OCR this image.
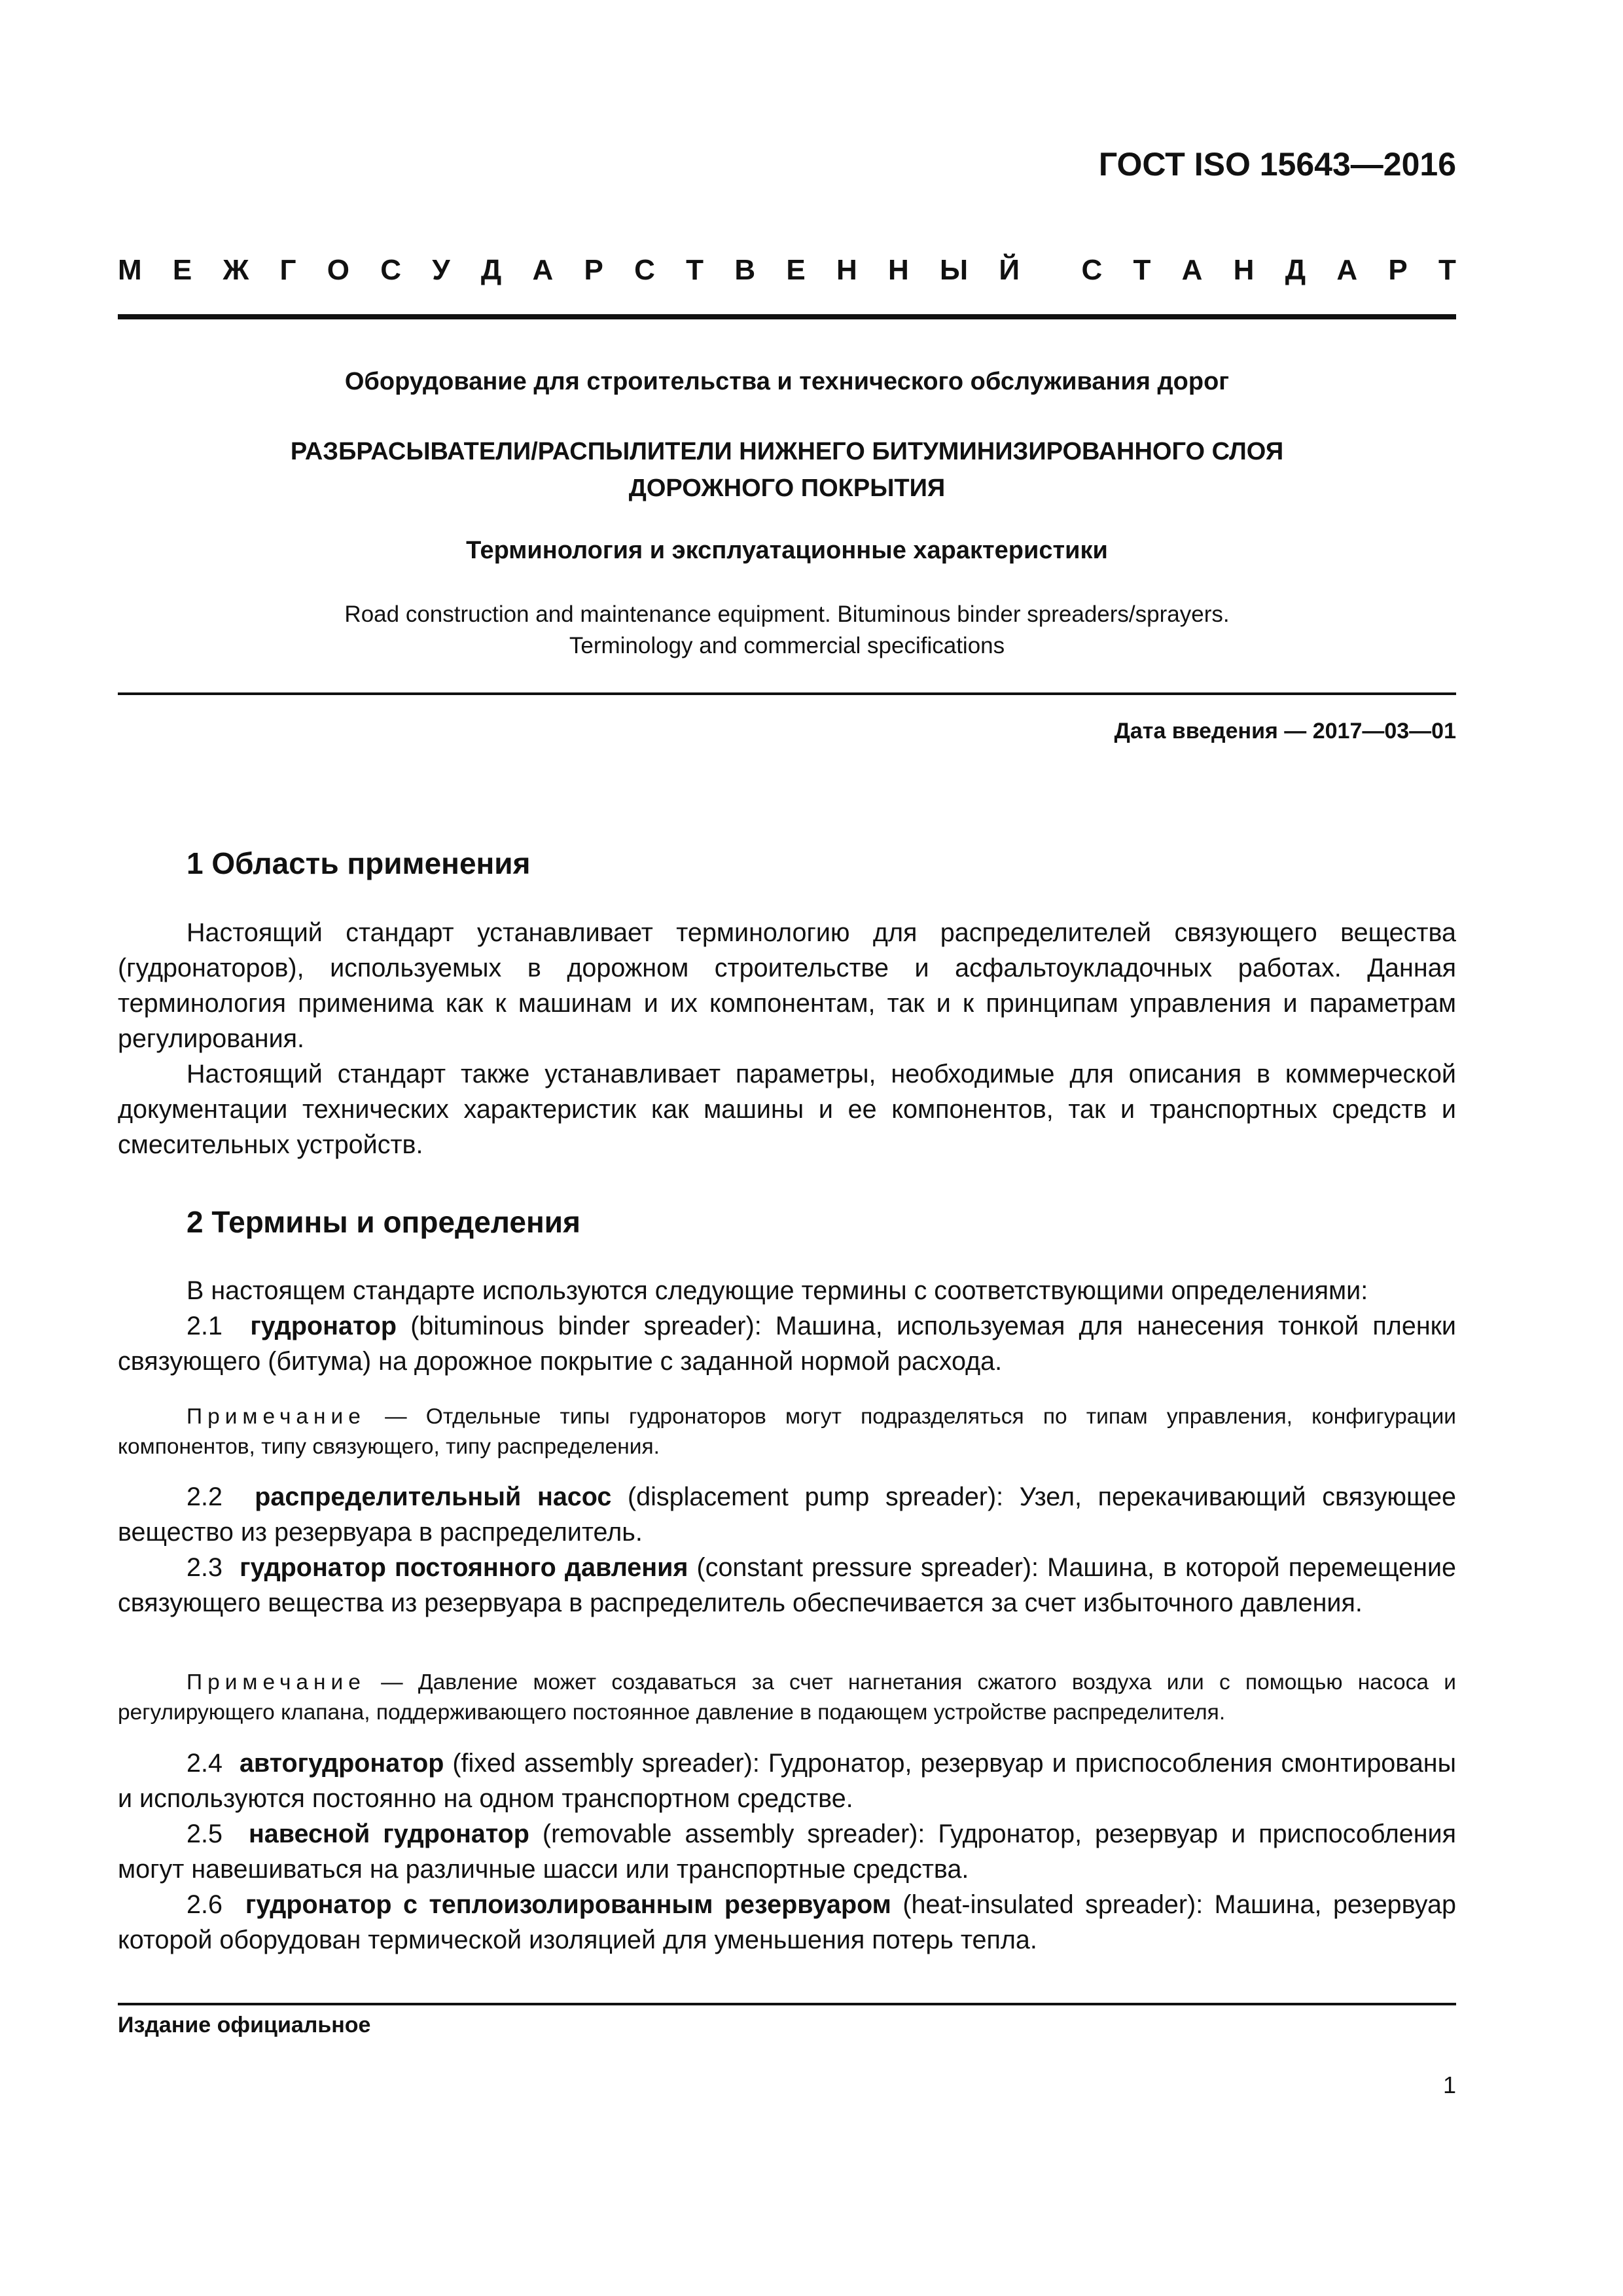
ГОСТ ISO 15643—2016
М Е Ж Г О С У Д А Р С Т В Е Н Н Ы Й С Т А Н Д А Р Т
Оборудование для строительства и технического обслуживания дорог
РАЗБРАСЫВАТЕЛИ/РАСПЫЛИТЕЛИ НИЖНЕГО БИТУМИНИЗИРОВАННОГО СЛОЯ
ДОРОЖНОГО ПОКРЫТИЯ
Терминология и эксплуатационные характеристики
Road construction and maintenance equipment. Bituminous binder spreaders/sprayers.
Terminology and commercial specifications
Дата введения — 2017—03—01
1 Область применения

Настоящий стандарт устанавливает терминологию для распределителей связующего вещества (гудронаторов), используемых в дорожном строительстве и асфальтоукладочных работах. Данная терминология применима как к машинам и их компонентам, так и к принципам управления и параметрам регулирования.

Настоящий стандарт также устанавливает параметры, необходимые для описания в коммерческой документации технических характеристик как машины и ее компонентов, так и транспортных средств и смесительных устройств.

2 Термины и определения

В настоящем стандарте используются следующие термины с соответствующими определениями:

2.1 гудронатор (bituminous binder spreader): Машина, используемая для нанесения тонкой пленки связующего (битума) на дорожное покрытие с заданной нормой расхода.

Примечание — Отдельные типы гудронаторов могут подразделяться по типам управления, конфигурации компонентов, типу связующего, типу распределения.

2.2 распределительный насос (displacement pump spreader): Узел, перекачивающий связующее вещество из резервуара в распределитель.

2.3 гудронатор постоянного давления (constant pressure spreader): Машина, в которой перемещение связующего вещества из резервуара в распределитель обеспечивается за счет избыточного давления.

Примечание — Давление может создаваться за счет нагнетания сжатого воздуха или с помощью насоса и регулирующего клапана, поддерживающего постоянное давление в подающем устройстве распределителя.

2.4 автогудронатор (fixed assembly spreader): Гудронатор, резервуар и приспособления смонтированы и используются постоянно на одном транспортном средстве.

2.5 навесной гудронатор (removable assembly spreader): Гудронатор, резервуар и приспособления могут навешиваться на различные шасси или транспортные средства.

2.6 гудронатор с теплоизолированным резервуаром (heat-insulated spreader): Машина, резервуар которой оборудован термической изоляцией для уменьшения потерь тепла.

Издание официальное
1
